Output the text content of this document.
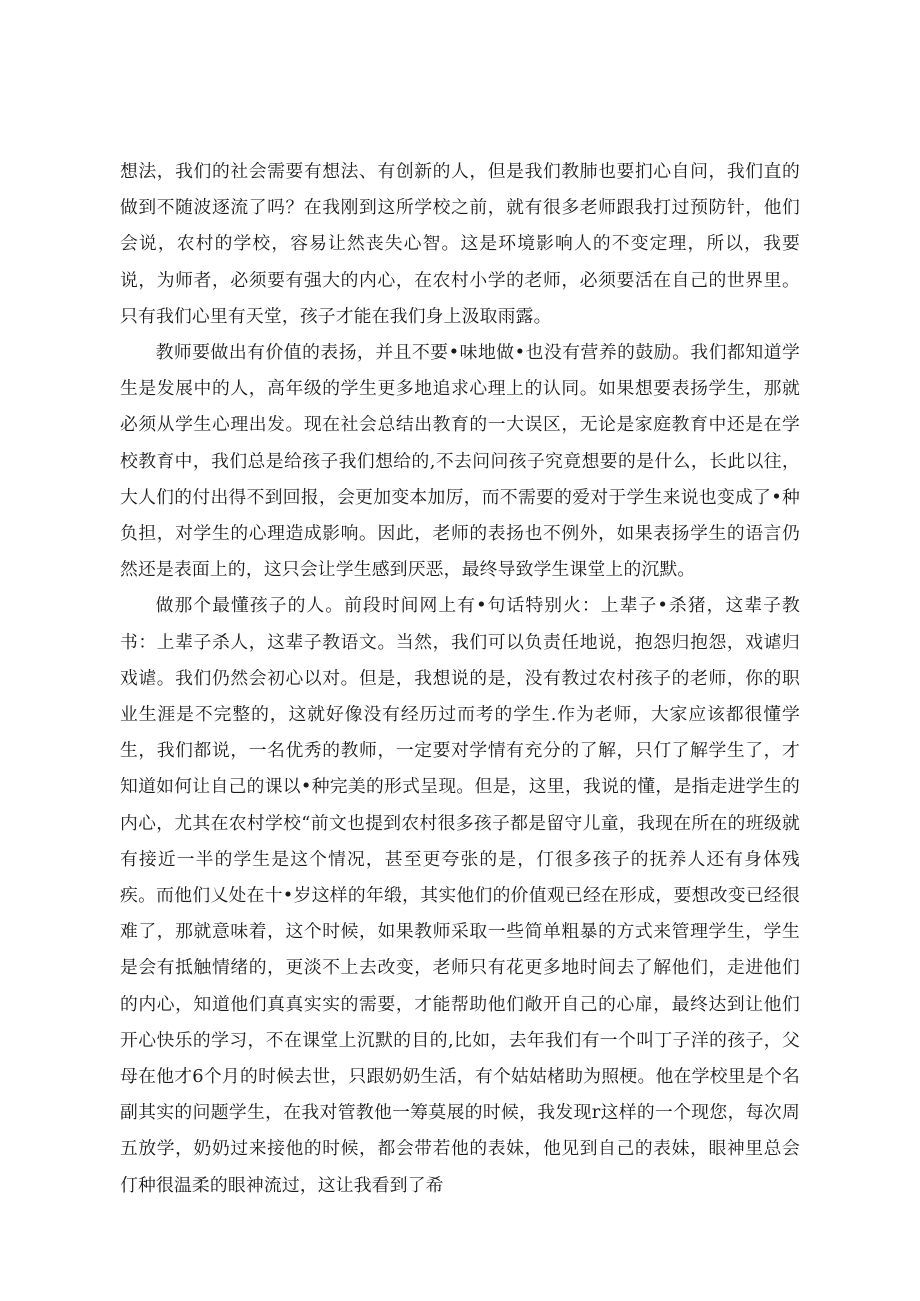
想法，我们的社会需要有想法、有创新的人，但是我们教肺也要扪心自问，我们直的做到不随波逐流了吗？在我刚到这所学校之前，就有很多老师跟我打过预防针，他们会说，农村的学校，容易让然丧失心智。这是环境影响人的不变定理，所以，我要说，为师者，必须要有强大的内心，在农村小学的老师，必须要活在自己的世界里。只有我们心里有天堂，孩子才能在我们身上汲取雨露。

教师要做出有价值的表扬，并且不要•味地做•也没有营养的鼓励。我们都知道学生是发展中的人，高年级的学生更多地追求心理上的认同。如果想要表扬学生，那就必须从学生心理出发。现在社会总结出教育的一大误区，无论是家庭教育中还是在学校教育中，我们总是给孩子我们想给的,不去问问孩子究竟想要的是什么，长此以往，大人们的付出得不到回报，会更加变本加厉，而不需要的爱对于学生来说也变成了•种负担，对学生的心理造成影响。因此，老师的表扬也不例外，如果表扬学生的语言仍然还是表面上的，这只会让学生感到厌恶，最终导致学生课堂上的沉默。

做那个最懂孩子的人。前段时间网上有•句话特别火：上辈子•杀猪，这辈子教书：上辈子杀人，这辈子教语文。当然，我们可以负责任地说，抱怨归抱怨，戏谑归戏谑。我们仍然会初心以对。但是，我想说的是，没有教过农村孩子的老师，你的职业生涯是不完整的，这就好像没有经历过而考的学生.作为老师，大家应该都很懂学生，我们都说，一名优秀的教师，一定要对学情有充分的了解，只仃了解学生了，才知道如何让自己的课以•种完美的形式呈现。但是，这里，我说的懂，是指走进学生的内心，尤其在农村学校“前文也提到农村很多孩子都是留守儿童，我现在所在的班级就有接近一半的学生是这个情况，甚至更夸张的是，仃很多孩子的抚养人还有身体残疾。而他们乂处在十•岁这样的年缎，其实他们的价值观已经在形成，要想改变已经很难了，那就意味着，这个时候，如果教师采取一些简单粗暴的方式来管理学生，学生是会有抵触情绪的，更淡不上去改变，老师只有花更多地时间去了解他们，走进他们的内心，知道他们真真实实的需要，才能帮助他们敞开自己的心扉，最终达到让他们开心快乐的学习，不在课堂上沉默的目的,比如，去年我们有一个叫丁子洋的孩子，父母在他才6个月的时候去世，只跟奶奶生活，有个姑姑楮助为照梗。他在学校里是个名副其实的问题学生，在我对管教他一筹莫展的时候，我发现r这样的一个现您，每次周五放学，奶奶过来接他的时候，都会带若他的表妹，他见到自己的表妹，眼神里总会仃种很温柔的眼神流过，这让我看到了希
